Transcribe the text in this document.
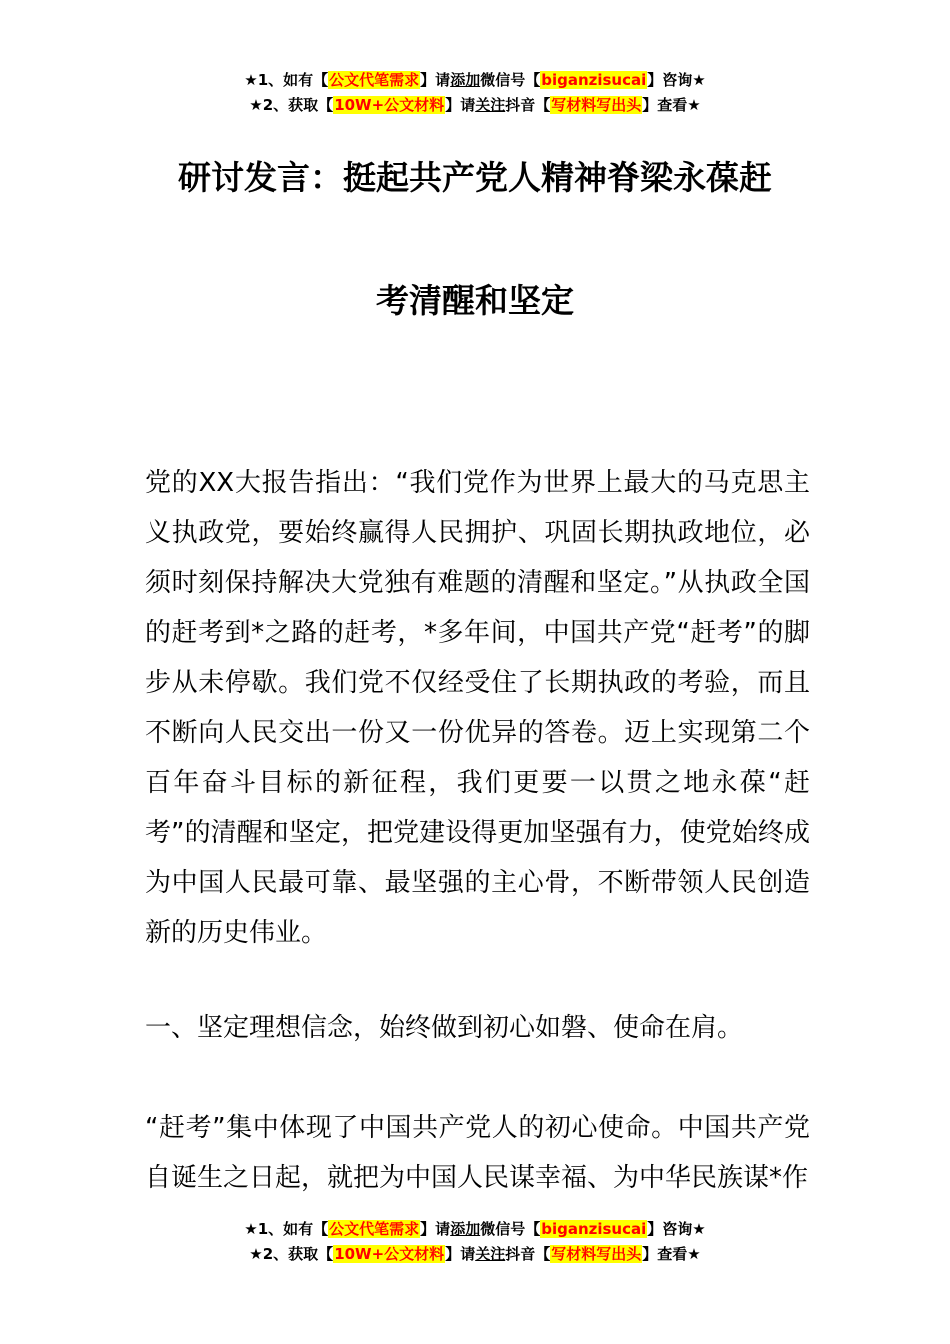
★1、如有【公文代笔需求】请添加微信号【biganzisucai】咨询★
★2、获取【10W+公文材料】请关注抖音【写材料写出头】查看★
研讨发言：挺起共产党人精神脊梁永葆赶
考清醒和坚定

党的XX大报告指出：“我们党作为世界上最大的马克思主义执政党，要始终赢得人民拥护、巩固长期执政地位，必须时刻保持解决大党独有难题的清醒和坚定。”从执政全国的赶考到*之路的赶考，*多年间，中国共产党“赶考”的脚步从未停歇。我们党不仅经受住了长期执政的考验，而且不断向人民交出一份又一份优异的答卷。迈上实现第二个百年奋斗目标的新征程，我们更要一以贯之地永葆“赶考”的清醒和坚定，把党建设得更加坚强有力，使党始终成为中国人民最可靠、最坚强的主心骨，不断带领人民创造新的历史伟业。

一、坚定理想信念，始终做到初心如磐、使命在肩。

“赶考”集中体现了中国共产党人的初心使命。中国共产党自诞生之日起，就把为中国人民谋幸福、为中华民族谋*作

★1、如有【公文代笔需求】请添加微信号【biganzisucai】咨询★
★2、获取【10W+公文材料】请关注抖音【写材料写出头】查看★
